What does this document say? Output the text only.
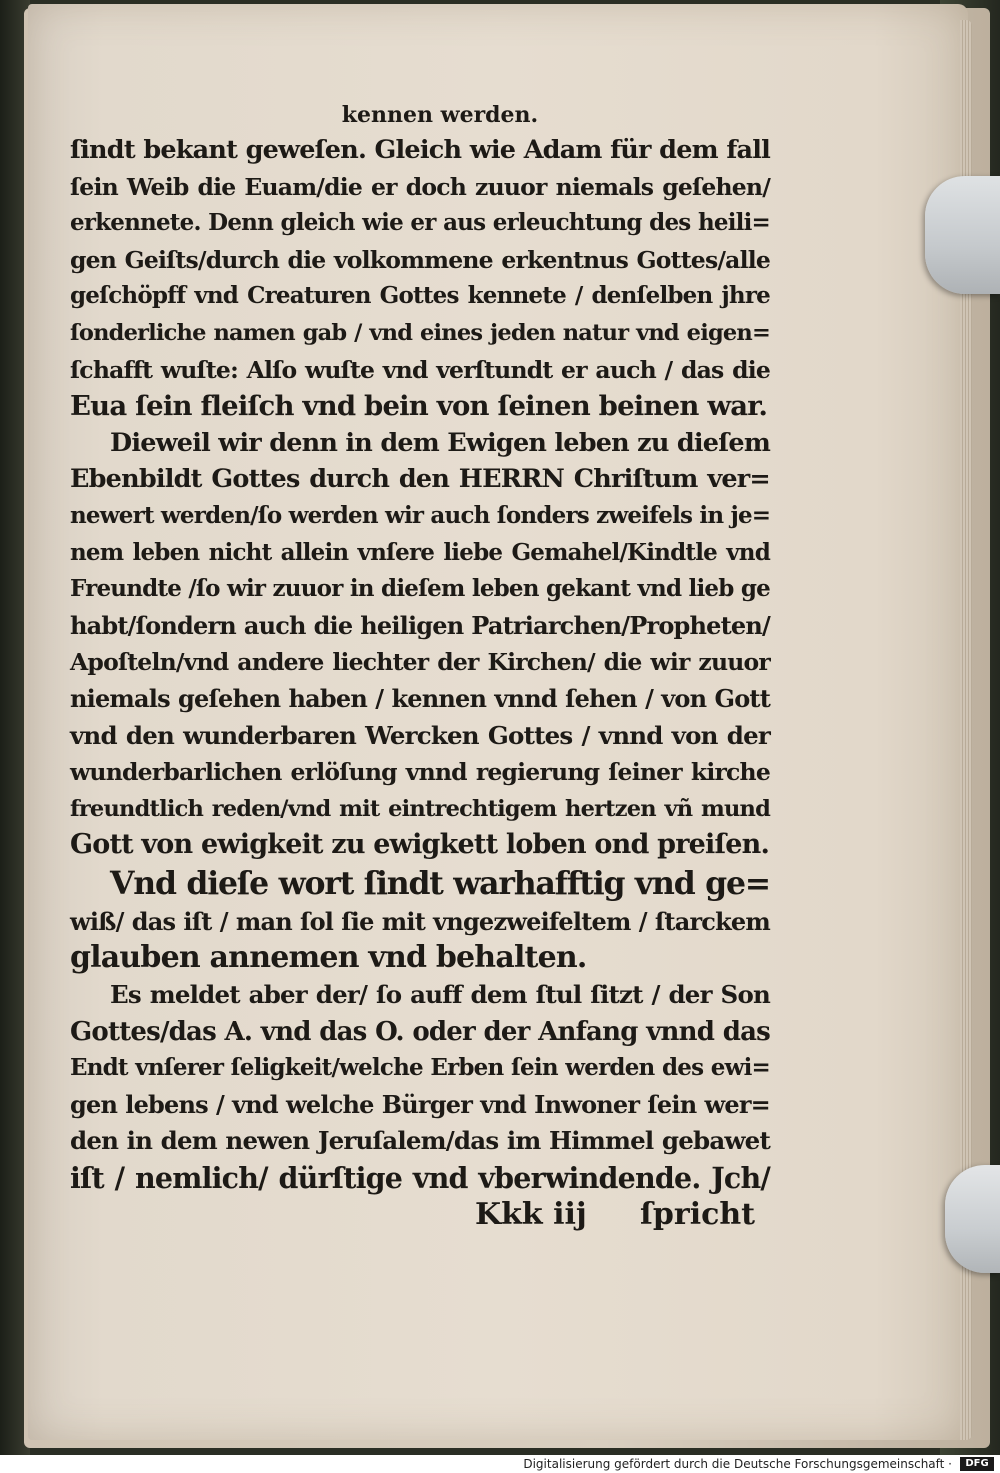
kennen werden.
ſindt bekant geweſen. Gleich wie Adam für dem fall
ſein Weib die Euam/die er doch zuuor niemals geſehen/
erkennete. Denn gleich wie er aus erleuchtung des heili=
gen Geiſts/durch die volkommene erkentnus Gottes/alle
geſchöpff vnd Creaturen Gottes kennete / denſelben jhre
ſonderliche namen gab / vnd eines jeden natur vnd eigen=
ſchafft wuſte: Alſo wuſte vnd verſtundt er auch / das die
Eua ſein fleiſch vnd bein von ſeinen beinen war.
Dieweil wir denn in dem Ewigen leben zu dieſem
Ebenbildt Gottes durch den HERRN Chriſtum ver=
newert werden/ſo werden wir auch ſonders zweifels in je=
nem leben nicht allein vnſere liebe Gemahel/Kindtle vnd
Freundte /ſo wir zuuor in dieſem leben gekant vnd lieb ge
habt/ſondern auch die heiligen Patriarchen/Propheten/
Apoſteln/vnd andere liechter der Kirchen/ die wir zuuor
niemals geſehen haben / kennen vnnd ſehen / von Gott
vnd den wunderbaren Wercken Gottes / vnnd von der
wunderbarlichen erlöſung vnnd regierung ſeiner kirche
freundtlich reden/vnd mit eintrechtigem hertzen vñ mund
Gott von ewigkeit zu ewigkett loben ond preiſen.
Vnd dieſe wort ſindt warhafftig vnd ge=
wiß/ das iſt / man ſol ſie mit vngezweifeltem / ſtarckem
glauben annemen vnd behalten.
Es meldet aber der/ ſo auff dem ſtul ſitzt / der Son
Gottes/das A. vnd das O. oder der Anfang vnnd das
Endt vnſerer ſeligkeit/welche Erben ſein werden des ewi=
gen lebens / vnd welche Bürger vnd Inwoner ſein wer=
den in dem newen Jeruſalem/das im Himmel gebawet
iſt / nemlich/ dürſtige vnd vberwindende. Jch/
Kkk iij ſpricht
Digitalisierung gefördert durch die Deutsche Forschungsgemeinschaft ·	DFG
